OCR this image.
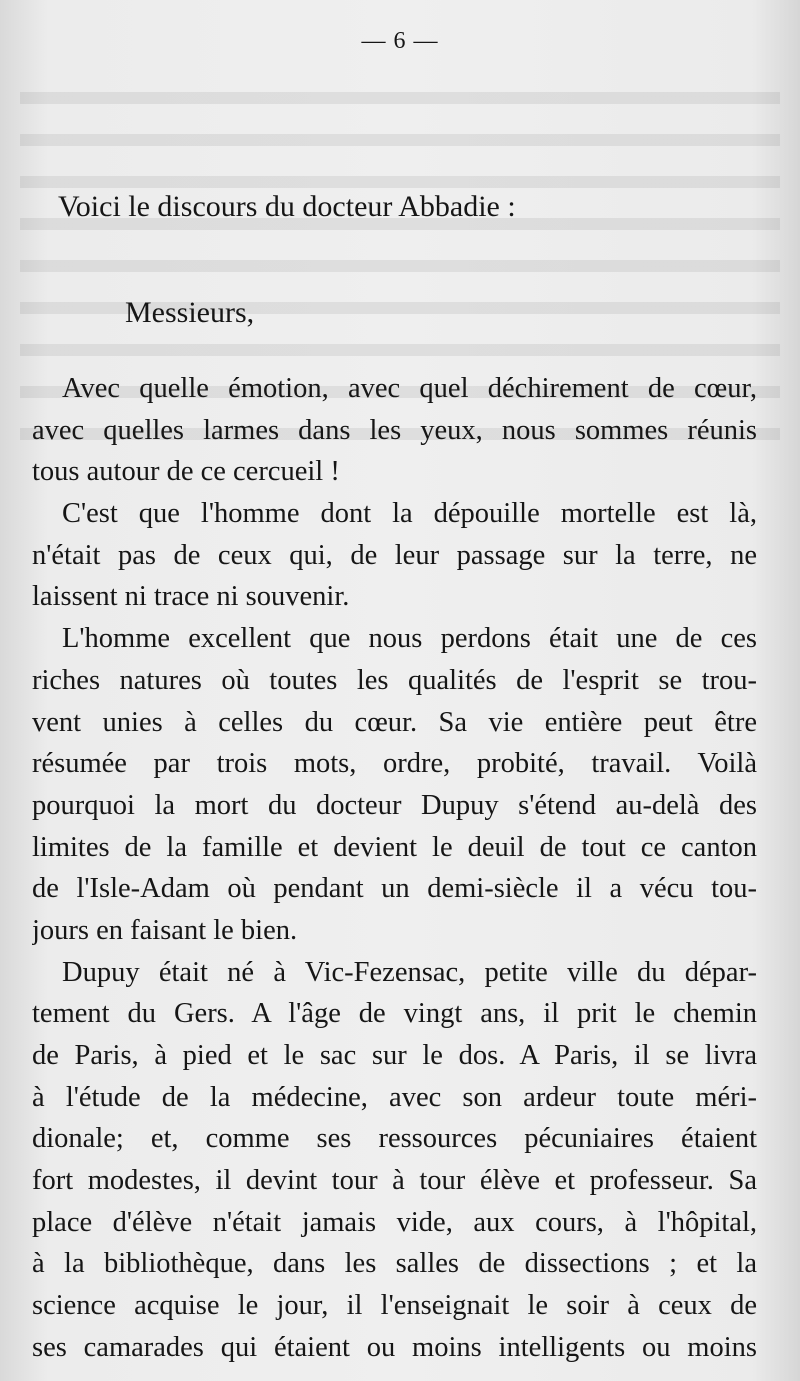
— 6 —
Voici le discours du docteur Abbadie :
Messieurs,
Avec quelle émotion, avec quel déchirement de cœur,
avec quelles larmes dans les yeux, nous sommes réunis
tous autour de ce cercueil !
C'est que l'homme dont la dépouille mortelle est là,
n'était pas de ceux qui, de leur passage sur la terre, ne
laissent ni trace ni souvenir.
L'homme excellent que nous perdons était une de ces
riches natures où toutes les qualités de l'esprit se trou-
vent unies à celles du cœur. Sa vie entière peut être
résumée par trois mots, ordre, probité, travail. Voilà
pourquoi la mort du docteur Dupuy s'étend au-delà des
limites de la famille et devient le deuil de tout ce canton
de l'Isle-Adam où pendant un demi-siècle il a vécu tou-
jours en faisant le bien.
Dupuy était né à Vic-Fezensac, petite ville du dépar-
tement du Gers. A l'âge de vingt ans, il prit le chemin
de Paris, à pied et le sac sur le dos. A Paris, il se livra
à l'étude de la médecine, avec son ardeur toute méri-
dionale; et, comme ses ressources pécuniaires étaient
fort modestes, il devint tour à tour élève et professeur. Sa
place d'élève n'était jamais vide, aux cours, à l'hôpital,
à la bibliothèque, dans les salles de dissections ; et la
science acquise le jour, il l'enseignait le soir à ceux de
ses camarades qui étaient ou moins intelligents ou moins
